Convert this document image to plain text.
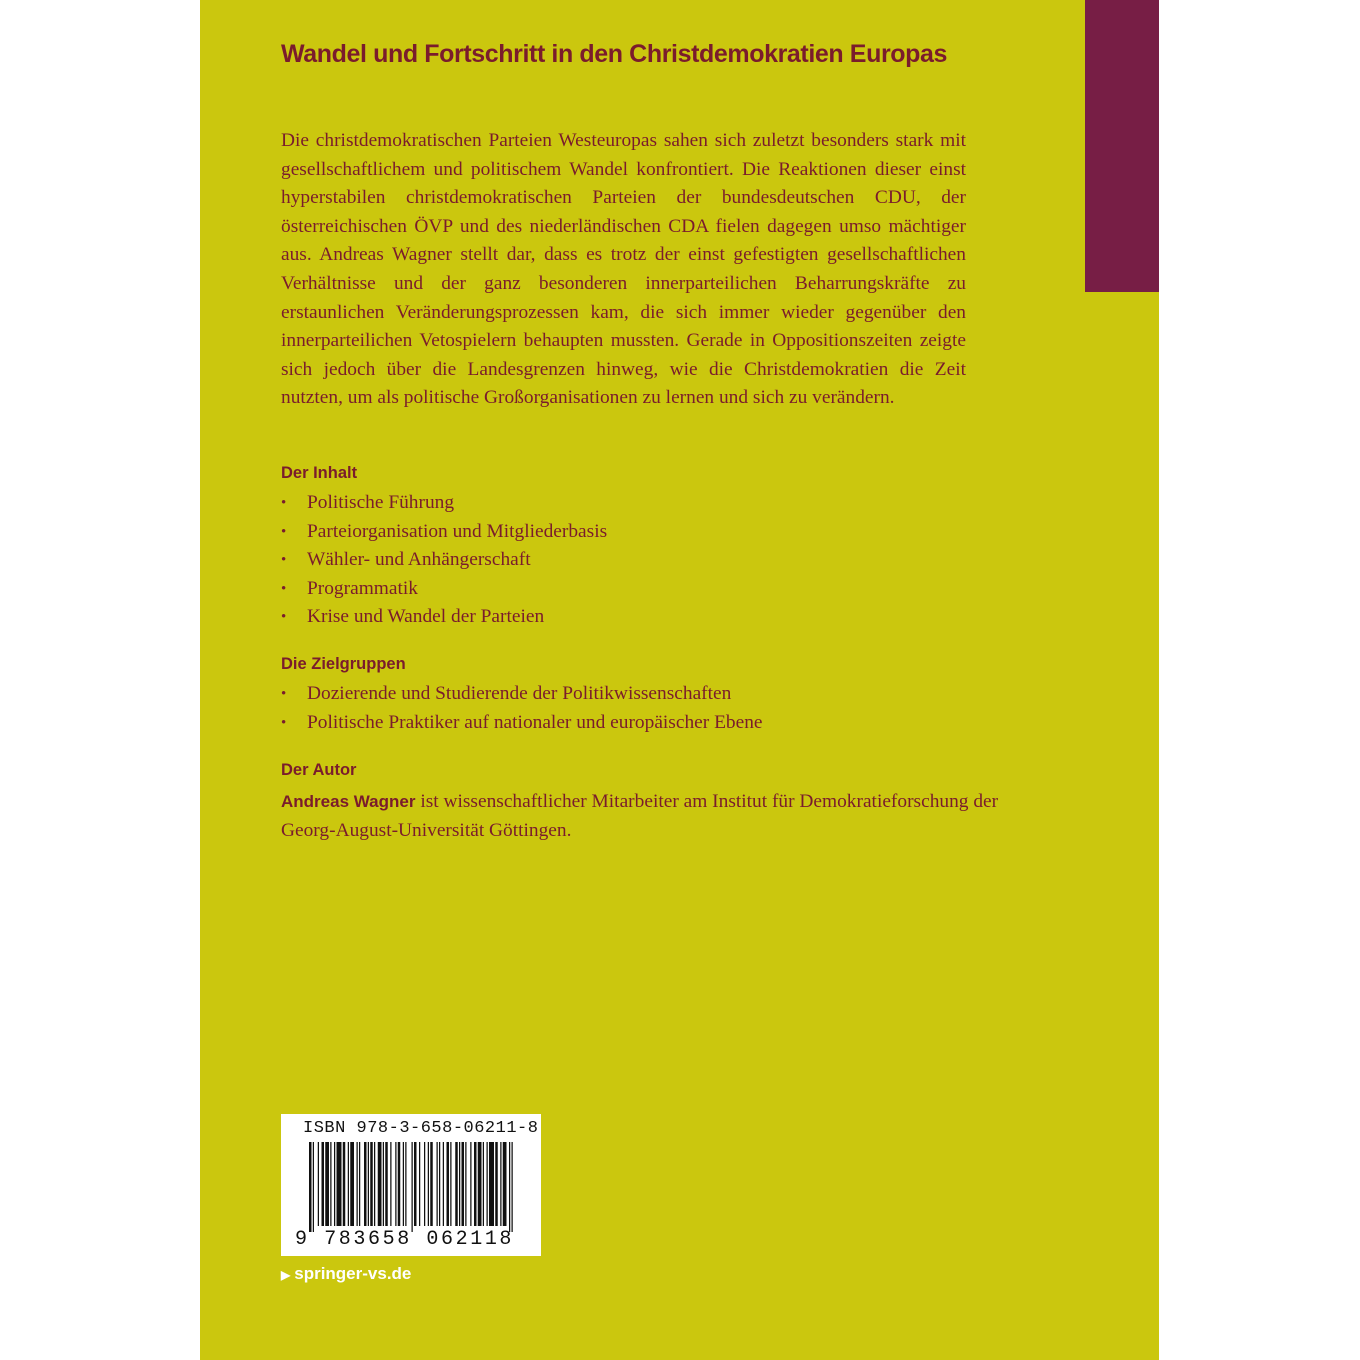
Wandel und Fortschritt in den Christdemokratien Europas

Die christdemokratischen Parteien Westeuropas sahen sich zuletzt besonders stark mit gesellschaftlichem und politischem Wandel konfrontiert. Die Reaktionen dieser einst hyperstabilen christdemokratischen Parteien der bundesdeutschen CDU, der österreichischen ÖVP und des niederländischen CDA fielen dagegen umso mächtiger aus. Andreas Wagner stellt dar, dass es trotz der einst gefestigten gesellschaftlichen Verhältnisse und der ganz besonderen innerparteilichen Beharrungskräfte zu erstaunlichen Veränderungsprozessen kam, die sich immer wieder gegenüber den innerparteilichen Vetospielern behaupten mussten. Gerade in Oppositionszeiten zeigte sich jedoch über die Landesgrenzen hinweg, wie die Christdemokratien die Zeit nutzten, um als politische Großorganisationen zu lernen und sich zu verändern.

Der Inhalt
• Politische Führung
• Parteiorganisation und Mitgliederbasis
• Wähler- und Anhängerschaft
• Programmatik
• Krise und Wandel der Parteien
Die Zielgruppen
• Dozierende und Studierende der Politikwissenschaften
• Politische Praktiker auf nationaler und europäischer Ebene
Der Autor

Andreas Wagner ist wissenschaftlicher Mitarbeiter am Institut für Demokratieforschung der Georg-August-Universität Göttingen.

ISBN 978-3-658-06211-8
9 783658 062118
▶ springer-vs.de
